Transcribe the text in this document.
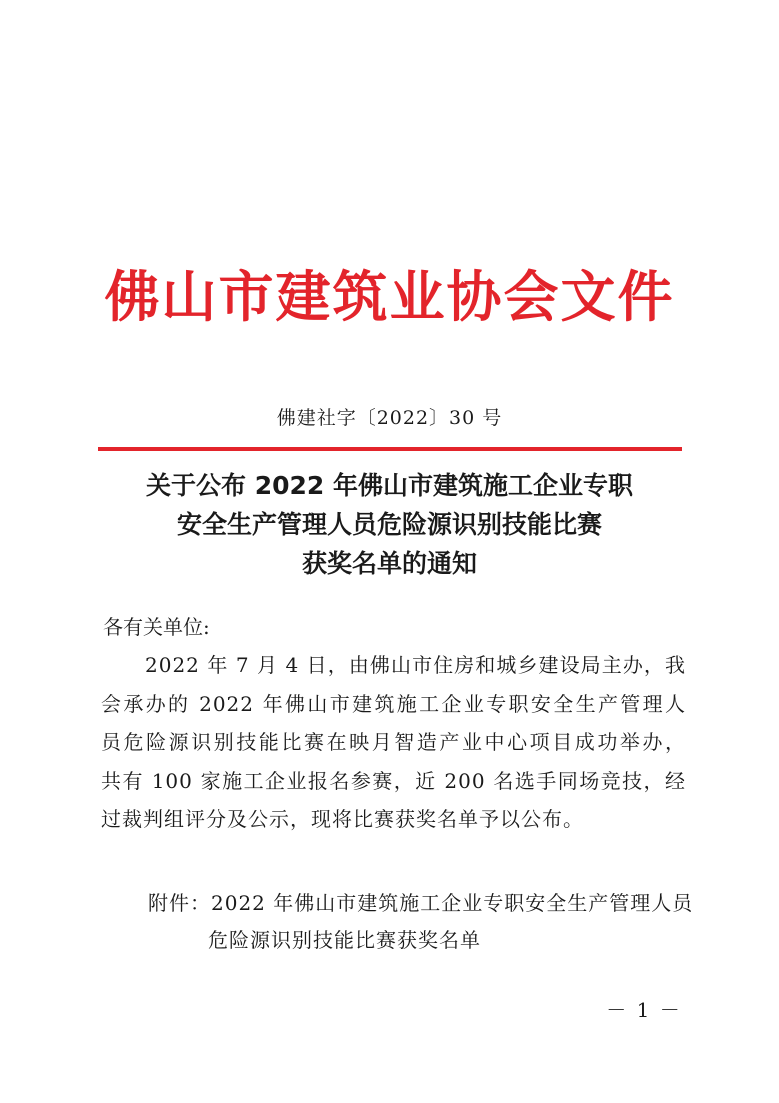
佛山市建筑业协会文件
佛建社字〔2022〕30 号
关于公布 2022 年佛山市建筑施工企业专职
安全生产管理人员危险源识别技能比赛
获奖名单的通知
各有关单位:
2022 年 7 月 4 日，由佛山市住房和城乡建设局主办，我
会承办的 2022 年佛山市建筑施工企业专职安全生产管理人
员危险源识别技能比赛在映月智造产业中心项目成功举办，
共有 100 家施工企业报名参赛，近 200 名选手同场竞技，经
过裁判组评分及公示，现将比赛获奖名单予以公布。
附件：2022 年佛山市建筑施工企业专职安全生产管理人员
危险源识别技能比赛获奖名单
－ 1 －
